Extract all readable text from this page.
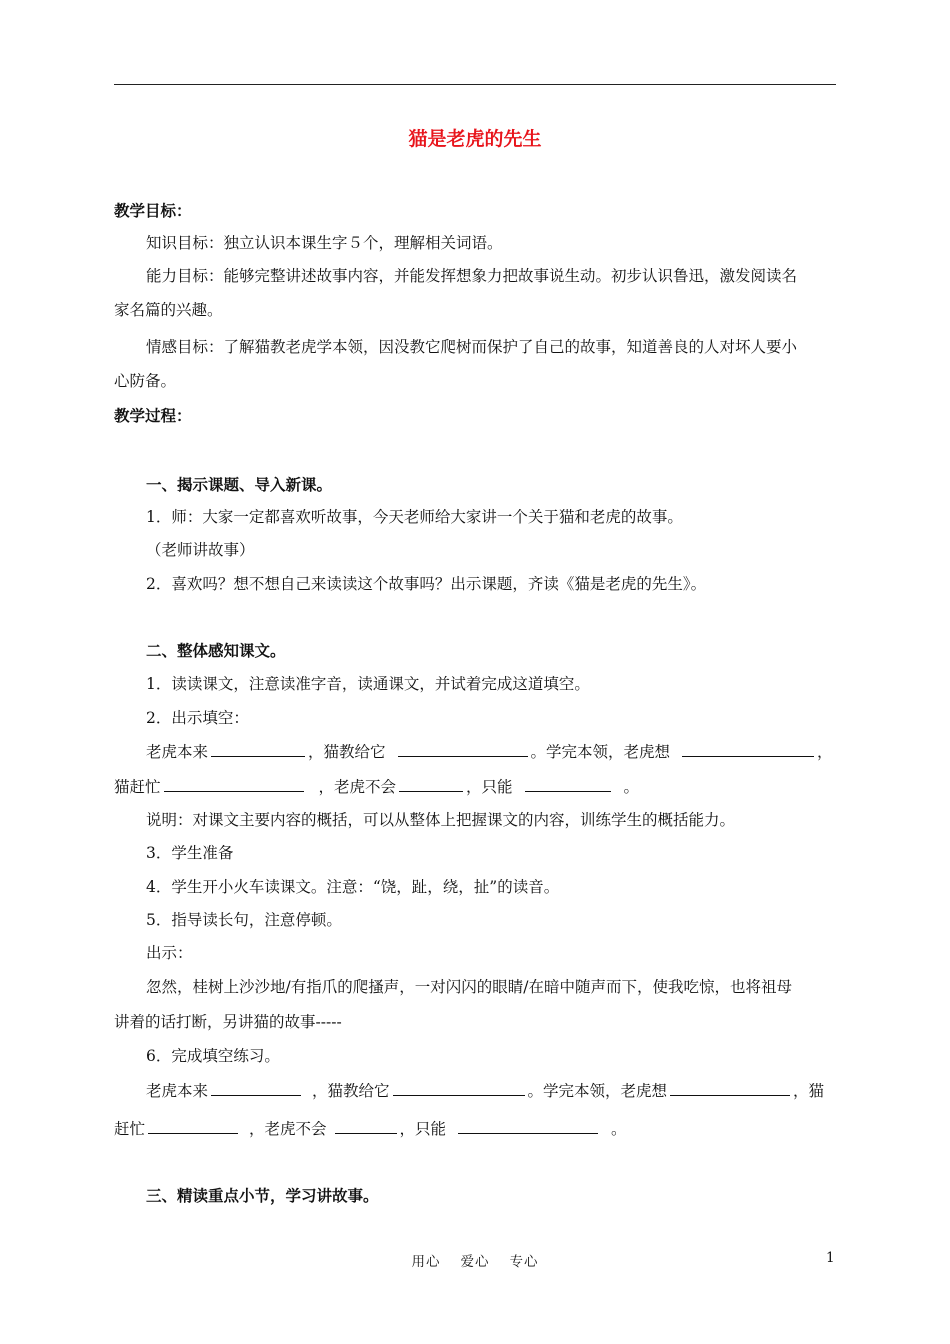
猫是老虎的先生
教学目标：
知识目标：独立认识本课生字５个，理解相关词语。
能力目标：能够完整讲述故事内容，并能发挥想象力把故事说生动。初步认识鲁迅，激发阅读名
家名篇的兴趣。
情感目标：了解猫教老虎学本领，因没教它爬树而保护了自己的故事，知道善良的人对坏人要小
心防备。
教学过程：
一、揭示课题、导入新课。
1．师：大家一定都喜欢听故事，今天老师给大家讲一个关于猫和老虎的故事。
（老师讲故事）
2．喜欢吗？想不想自己来读读这个故事吗？出示课题，齐读《猫是老虎的先生》。
二、整体感知课文。
1．读读课文，注意读准字音，读通课文，并试着完成这道填空。
2．出示填空：
老虎本来	，猫教给它	。学完本领，老虎想	，
猫赶忙	，老虎不会	，只能	。
说明：对课文主要内容的概括，可以从整体上把握课文的内容，训练学生的概括能力。
3．学生准备
4．学生开小火车读课文。注意：“饶，趾，绕，扯”的读音。
5．指导读长句，注意停顿。
出示：
忽然，桂树上沙沙地/有指爪的爬搔声，一对闪闪的眼睛/在暗中随声而下，使我吃惊，也将祖母
讲着的话打断，另讲猫的故事-----
6．完成填空练习。
老虎本来	，猫教给它	。学完本领，老虎想	，猫
赶忙	，老虎不会	，只能	。
三、精读重点小节，学习讲故事。
用心 爱心 专心	1
